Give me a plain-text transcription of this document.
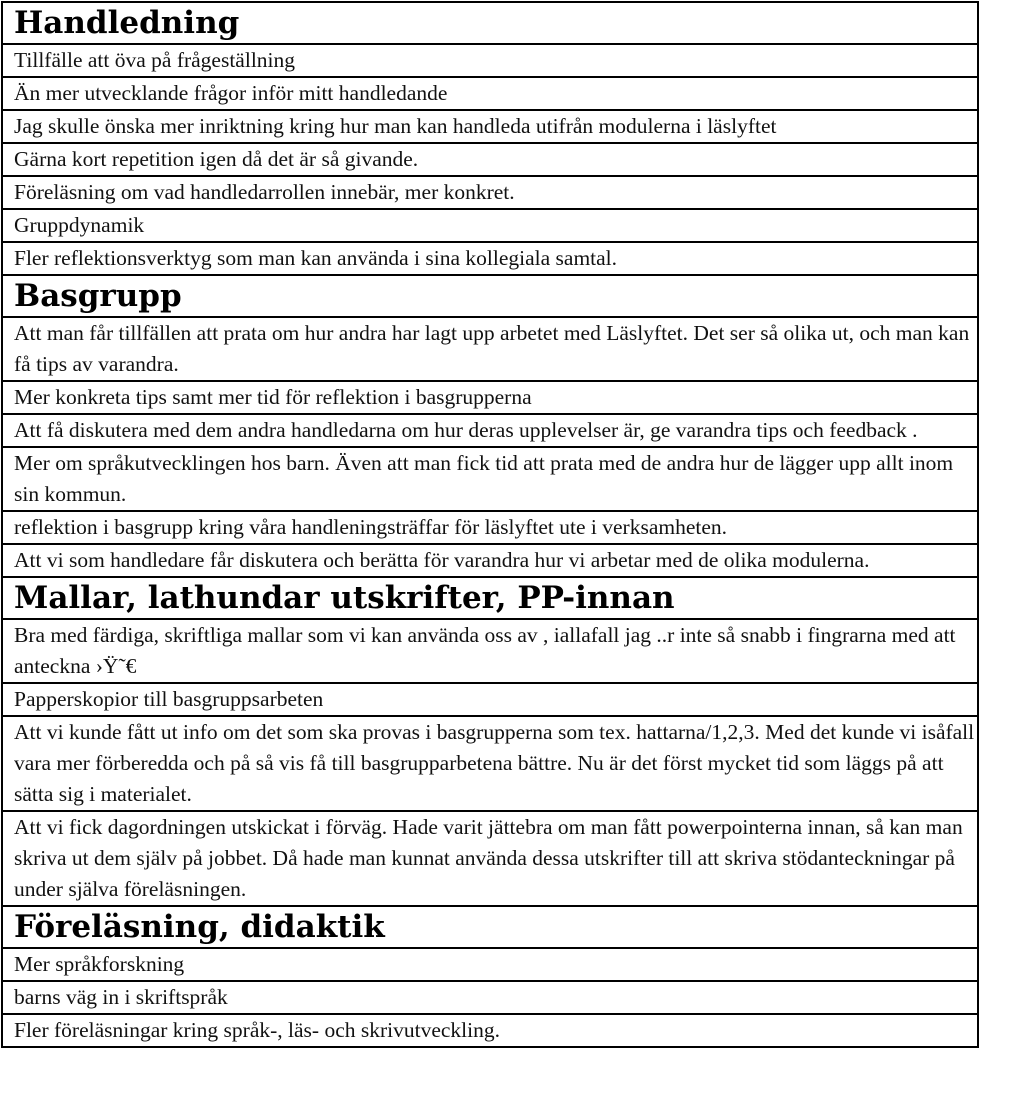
Handledning
Tillfälle att öva på frågeställning
Än mer utvecklande frågor inför mitt handledande
Jag skulle önska mer inriktning kring hur man kan handleda utifrån modulerna i läslyftet
Gärna kort repetition igen då det är så givande.
Föreläsning om vad handledarrollen innebär, mer konkret.
Gruppdynamik
Fler reflektionsverktyg som man kan använda i sina kollegiala samtal.
Basgrupp
Att man får tillfällen att prata om hur andra har lagt upp arbetet med Läslyftet. Det ser så olika ut, och man kan få tips av varandra.
Mer konkreta tips samt mer tid för reflektion i basgrupperna
Att få diskutera med dem andra handledarna om hur deras upplevelser är, ge varandra tips och feedback .
Mer om språkutvecklingen hos barn. Även att man fick tid att prata med de andra hur de lägger upp allt inom sin kommun.
reflektion i basgrupp kring våra handleningsträffar för läslyftet ute i verksamheten.
Att vi som handledare får diskutera och berätta för varandra hur vi arbetar med de olika modulerna.
Mallar, lathundar utskrifter, PP-innan
Bra med färdiga, skriftliga mallar som vi kan använda oss av , iallafall jag ..r inte så snabb i fingrarna med att anteckna ›Ÿ˜€
Papperskopior till basgruppsarbeten
Att vi kunde fått ut info om det som ska provas i basgrupperna som tex. hattarna/1,2,3. Med det kunde vi isåfall vara mer förberedda och på så vis få till basgrupparbetena bättre. Nu är det först mycket tid som läggs på att sätta sig i materialet.
Att vi fick dagordningen utskickat i förväg. Hade varit jättebra om man fått powerpointerna innan, så kan man skriva ut dem själv på jobbet. Då hade man kunnat använda dessa utskrifter till att skriva stödanteckningar på under själva föreläsningen.
Föreläsning, didaktik
Mer språkforskning
barns väg in i skriftspråk
Fler föreläsningar kring språk-, läs- och skrivutveckling.
